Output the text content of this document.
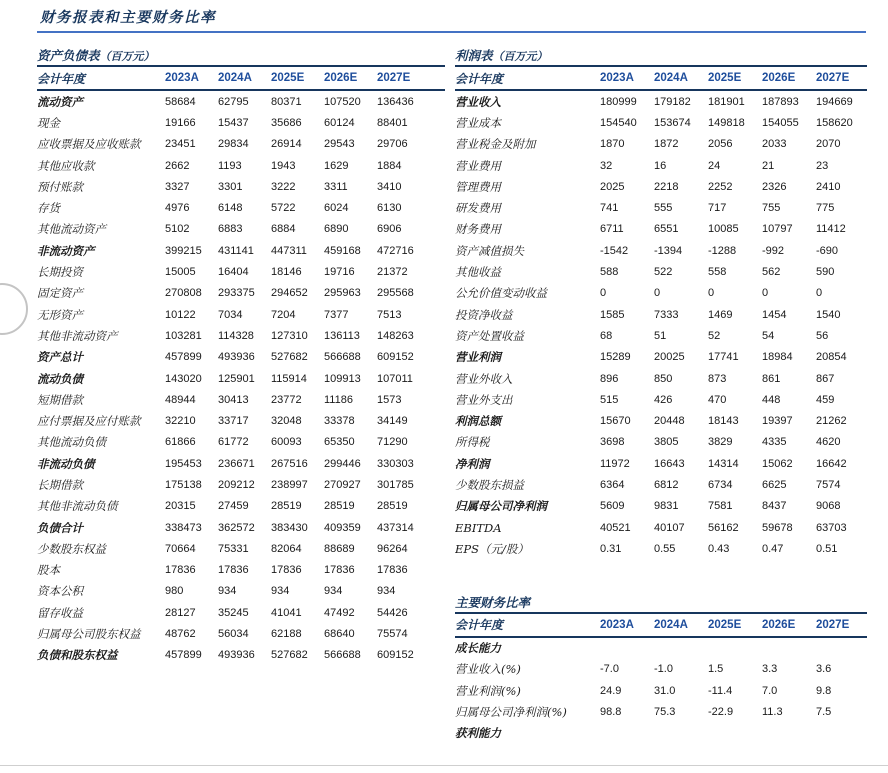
财务报表和主要财务比率
资产负债表（百万元）
会计年度	2023A	2024A	2025E	2026E	2027E
流动资产	58684	62795	80371	107520	136436
现金	19166	15437	35686	60124	88401
应收票据及应收账款	23451	29834	26914	29543	29706
其他应收款	2662	1193	1943	1629	1884
预付账款	3327	3301	3222	3311	3410
存货	4976	6148	5722	6024	6130
其他流动资产	5102	6883	6884	6890	6906
非流动资产	399215	431141	447311	459168	472716
长期投资	15005	16404	18146	19716	21372
固定资产	270808	293375	294652	295963	295568
无形资产	10122	7034	7204	7377	7513
其他非流动资产	103281	114328	127310	136113	148263
资产总计	457899	493936	527682	566688	609152
流动负债	143020	125901	115914	109913	107011
短期借款	48944	30413	23772	11186	1573
应付票据及应付账款	32210	33717	32048	33378	34149
其他流动负债	61866	61772	60093	65350	71290
非流动负债	195453	236671	267516	299446	330303
长期借款	175138	209212	238997	270927	301785
其他非流动负债	20315	27459	28519	28519	28519
负债合计	338473	362572	383430	409359	437314
少数股东权益	70664	75331	82064	88689	96264
股本	17836	17836	17836	17836	17836
资本公积	980	934	934	934	934
留存收益	28127	35245	41041	47492	54426
归属母公司股东权益	48762	56034	62188	68640	75574
负债和股东权益	457899	493936	527682	566688	609152
利润表（百万元）
会计年度	2023A	2024A	2025E	2026E	2027E
营业收入	180999	179182	181901	187893	194669
营业成本	154540	153674	149818	154055	158620
营业税金及附加	1870	1872	2056	2033	2070
营业费用	32	16	24	21	23
管理费用	2025	2218	2252	2326	2410
研发费用	741	555	717	755	775
财务费用	6711	6551	10085	10797	11412
资产减值损失	-1542	-1394	-1288	-992	-690
其他收益	588	522	558	562	590
公允价值变动收益	0	0	0	0	0
投资净收益	1585	7333	1469	1454	1540
资产处置收益	68	51	52	54	56
营业利润	15289	20025	17741	18984	20854
营业外收入	896	850	873	861	867
营业外支出	515	426	470	448	459
利润总额	15670	20448	18143	19397	21262
所得税	3698	3805	3829	4335	4620
净利润	11972	16643	14314	15062	16642
少数股东损益	6364	6812	6734	6625	7574
归属母公司净利润	5609	9831	7581	8437	9068
EBITDA	40521	40107	56162	59678	63703
EPS（元/股）	0.31	0.55	0.43	0.47	0.51
主要财务比率
会计年度	2023A	2024A	2025E	2026E	2027E
成长能力
营业收入(%)	-7.0	-1.0	1.5	3.3	3.6
营业利润(%)	24.9	31.0	-11.4	7.0	9.8
归属母公司净利润(%)	98.8	75.3	-22.9	11.3	7.5
获利能力
